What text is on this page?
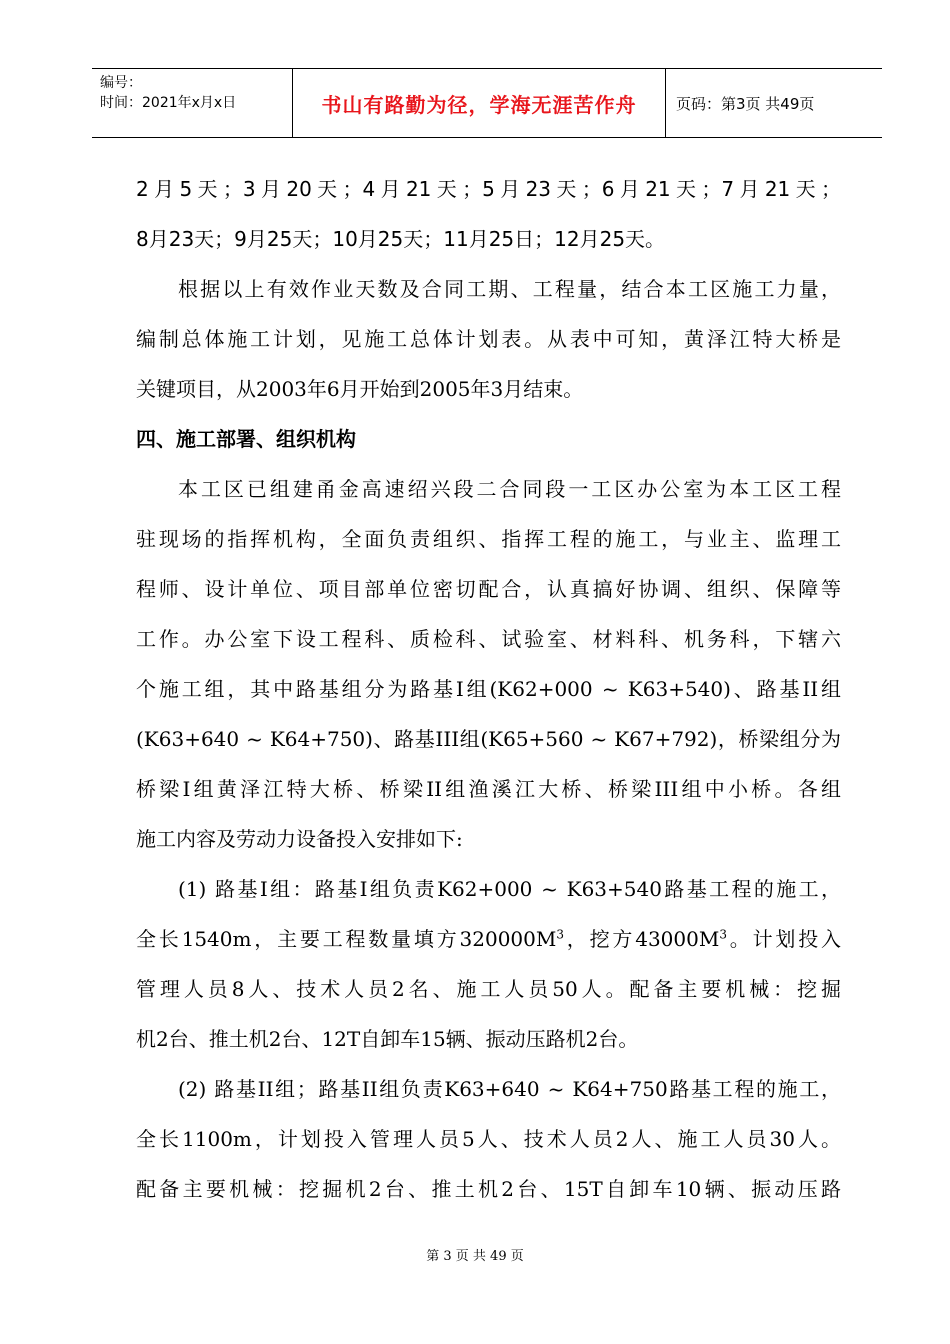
编号：
时间：2021年x月x日	书山有路勤为径，学海无涯苦作舟	页码：第3页 共49页
2月5天；3月20天；4月21天；5月23天；6月21天；7月21天；
8月23天；9月25天；10月25天；11月25日；12月25天。
根据以上有效作业天数及合同工期、工程量，结合本工区施工力量，
编制总体施工计划，见施工总体计划表。从表中可知，黄泽江特大桥是
关键项目，从2003年6月开始到2005年3月结束。
四、施工部署、组织机构
本工区已组建甬金高速绍兴段二合同段一工区办公室为本工区工程
驻现场的指挥机构，全面负责组织、指挥工程的施工，与业主、监理工
程师、设计单位、项目部单位密切配合，认真搞好协调、组织、保障等
工作。办公室下设工程科、质检科、试验室、材料科、机务科，下辖六
个施工组，其中路基组分为路基I组(K62+000 ~ K63+540)、路基II组
(K63+640 ~ K64+750)、路基III组(K65+560 ~ K67+792)，桥梁组分为
桥梁I组黄泽江特大桥、桥梁II组渔溪江大桥、桥梁III组中小桥。各组
施工内容及劳动力设备投入安排如下:
(1) 路基I组：路基I组负责K62+000 ~ K63+540路基工程的施工，
全长1540m，主要工程数量填方$320000M^3$，挖方$43000M^3$。计划投入
管理人员8人、技术人员2名、施工人员50人。配备主要机械：挖掘
机2台、推土机2台、12T自卸车15辆、振动压路机2台。
(2) 路基II组；路基II组负责K63+640 ~ K64+750路基工程的施工，
全长1100m，计划投入管理人员5人、技术人员2人、施工人员30人。
配备主要机械：挖掘机2台、推土机2台、15T自卸车10辆、振动压路
第 3 页 共 49 页
